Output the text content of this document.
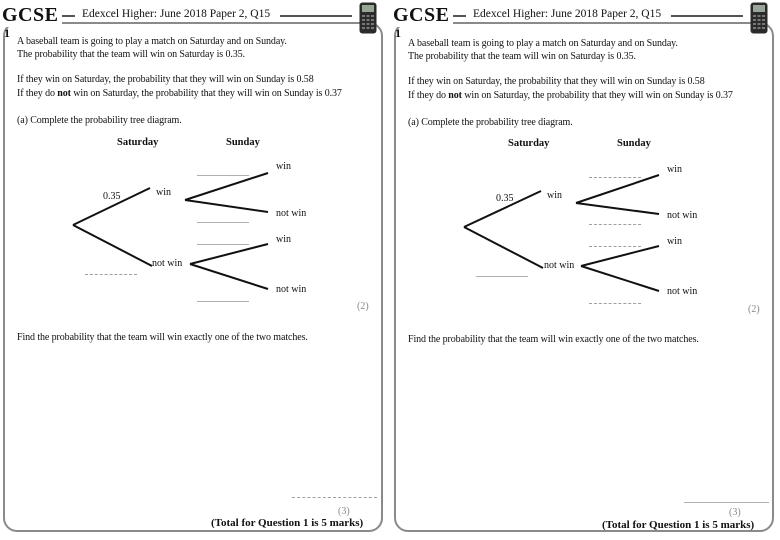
GCSE	Edexcel Higher: June 2018 Paper 2, Q15
1
A baseball team is going to play a match on Saturday and on Sunday.
The probability that the team will win on Saturday is 0.35.
If they win on Saturday, the probability that they will win on Sunday is 0.58
If they do not win on Saturday, the probability that they will win on Sunday is 0.37
(a) Complete the probability tree diagram.
Saturday	Sunday
0.35	win
not win
win
not win
win
not win
(2)
Find the probability that the team will win exactly one of the two matches.
(3)
(Total for Question 1 is 5 marks)
GCSE	Edexcel Higher: June 2018 Paper 2, Q15
1
A baseball team is going to play a match on Saturday and on Sunday.
The probability that the team will win on Saturday is 0.35.
If they win on Saturday, the probability that they will win on Sunday is 0.58
If they do not win on Saturday, the probability that they will win on Sunday is 0.37
(a) Complete the probability tree diagram.
Saturday	Sunday
0.35	win
not win
win
not win
win
not win
(2)
Find the probability that the team will win exactly one of the two matches.
(3)
(Total for Question 1 is 5 marks)
